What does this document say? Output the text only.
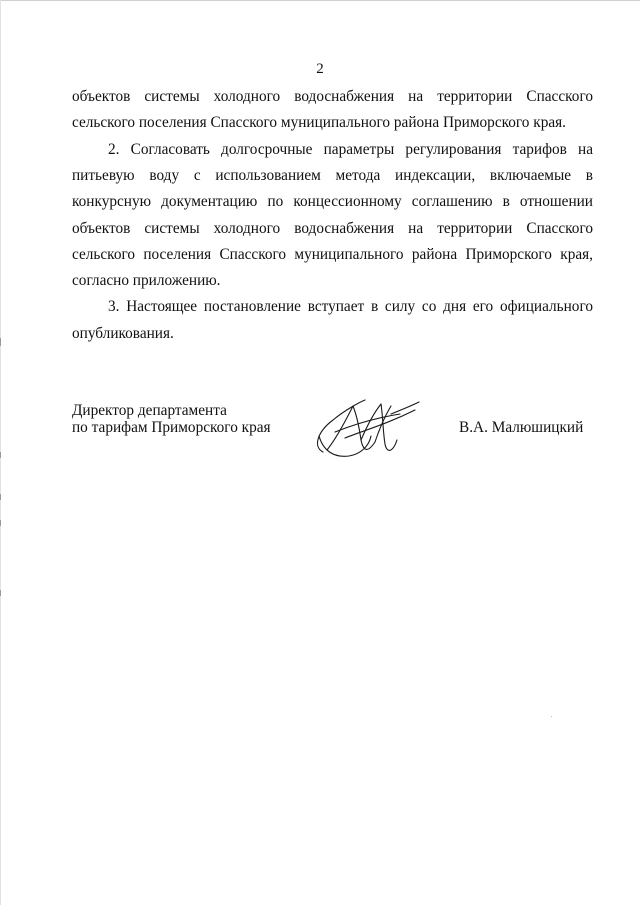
2
объектов системы холодного водоснабжения на территории Спасского
сельского поселения Спасского муниципального района Приморского края.
2. Согласовать долгосрочные параметры регулирования тарифов на
питьевую воду с использованием метода индексации, включаемые в
конкурсную документацию по концессионному соглашению в отношении
объектов системы холодного водоснабжения на территории Спасского
сельского поселения Спасского муниципального района Приморского края,
согласно приложению.
3. Настоящее постановление вступает в силу со дня его официального
опубликования.
Директор департамента
по тарифам Приморского края	В.А. Малюшицкий
